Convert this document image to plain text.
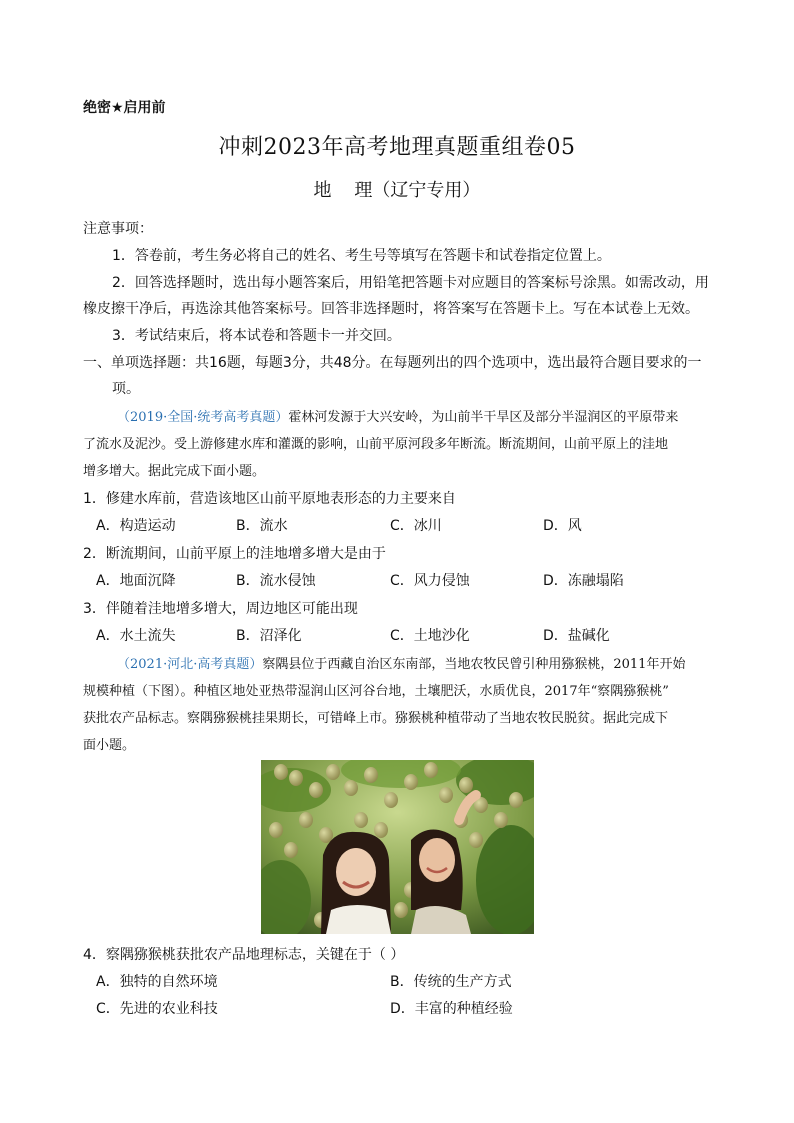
绝密★启用前
冲刺2023年高考地理真题重组卷05
地    理（辽宁专用）
注意事项：
1．答卷前，考生务必将自己的姓名、考生号等填写在答题卡和试卷指定位置上。
2．回答选择题时，选出每小题答案后，用铅笔把答题卡对应题目的答案标号涂黑。如需改动，用
橡皮擦干净后，再选涂其他答案标号。回答非选择题时，将答案写在答题卡上。写在本试卷上无效。
3．考试结束后，将本试卷和答题卡一并交回。
一、单项选择题：共16题，每题3分，共48分。在每题列出的四个选项中，选出最符合题目要求的一
项。
（2019·全国·统考高考真题）霍林河发源于大兴安岭，为山前半干旱区及部分半湿润区的平原带来
了流水及泥沙。受上游修建水库和灌溉的影响，山前平原河段多年断流。断流期间，山前平原上的洼地
增多增大。据此完成下面小题。
1．修建水库前，营造该地区山前平原地表形态的力主要来自
A．构造运动	B．流水	C．冰川	D．风
2．断流期间，山前平原上的洼地增多增大是由于
A．地面沉降	B．流水侵蚀	C．风力侵蚀	D．冻融塌陷
3．伴随着洼地增多增大，周边地区可能出现
A．水土流失	B．沼泽化	C．土地沙化	D．盐碱化
（2021·河北·高考真题）察隅县位于西藏自治区东南部，当地农牧民曾引种用猕猴桃，2011年开始
规模种植（下图）。种植区地处亚热带湿润山区河谷台地，土壤肥沃，水质优良，2017年“察隅猕猴桃”
获批农产品标志。察隅猕猴桃挂果期长，可错峰上市。猕猴桃种植带动了当地农牧民脱贫。据此完成下
面小题。
4．察隅猕猴桃获批农产品地理标志，关键在于（ ）
A．独特的自然环境	B．传统的生产方式
C．先进的农业科技	D．丰富的种植经验
